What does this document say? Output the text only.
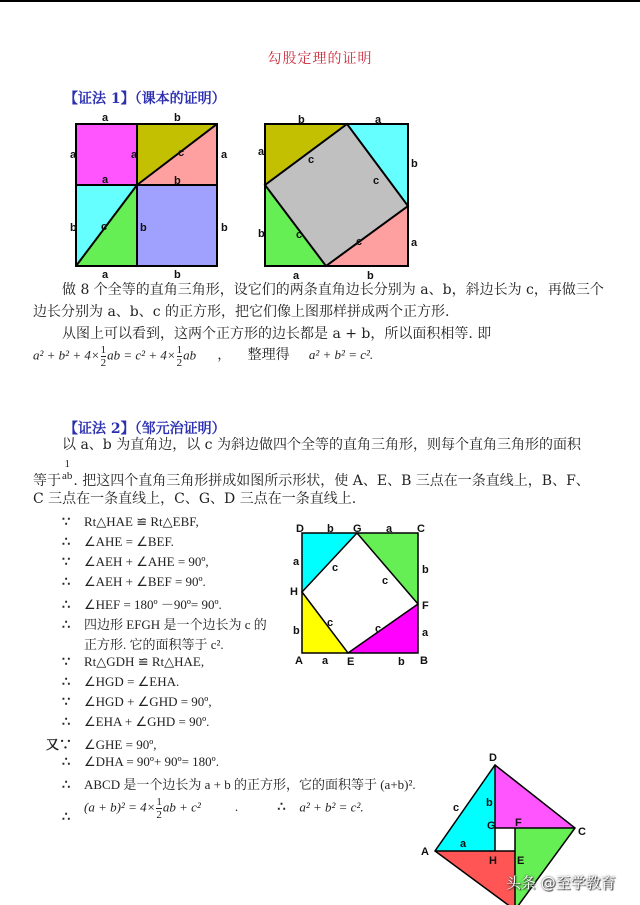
勾股定理的证明
【证法 1】（课本的证明）
a	b
a	a	a
c
a	b
b	b	b
c
a	b
b	a
a
b
c
c
b
a
c
c
a	b
做 8 个全等的直角三角形，设它们的两条直角边长分别为 a、b，斜边长为 c，再做三个边长分别为 a、b、c 的正方形，把它们像上图那样拼成两个正方形.
从图上可以看到，这两个正方形的边长都是 a + b，所以面积相等. 即
$a^2 + b^2 + 4\times \frac{1}{2}$ ab = $c^2 + 4\times \frac{1}{2}$ ab ， 整理得 a² + b² = c².
【证法 2】（邹元治证明）
以 a、b 为直角边，以 c 为斜边做四个全等的直角三角形，则每个直角三角形的面积
等于
1
ab . 把这四个直角三角形拼成如图所示形状，使 A、E、B 三点在一条直线上，B、F、
C 三点在一条直线上，C、G、D 三点在一条直线上.
∵ Rt△HAE ≌ Rt△EBF,
∴ ∠AHE = ∠BEF.
∵ ∠AEH + ∠AHE = 90º,
∴ ∠AEH + ∠BEF = 90º.
∴ ∠HEF = 180º －90º= 90º.
∴ 四边形 EFGH 是一个边长为 c 的
正方形. 它的面积等于 c².
∵ Rt△GDH ≌ Rt△HAE,
∴ ∠HGD = ∠EHA.
∵ ∠HGD + ∠GHD = 90º,
∴ ∠EHA + ∠GHD = 90º.
又∵ ∠GHE = 90º,
∴ ∠DHA = 90º+ 90º= 180º.
∴ ABCD 是一个边长为 a + b 的正方形，它的面积等于 (a+b)².
∴(a + $b)^2 = 4\times \frac{1}{2}$ ab + c²	.	∴ a² + b² = c².
D	G	C
b	a
a
b
c
c
H
F
b	a
c	c
A a E	b B
D
C
A
G F
H E
c b
a
头条 @至学教育
